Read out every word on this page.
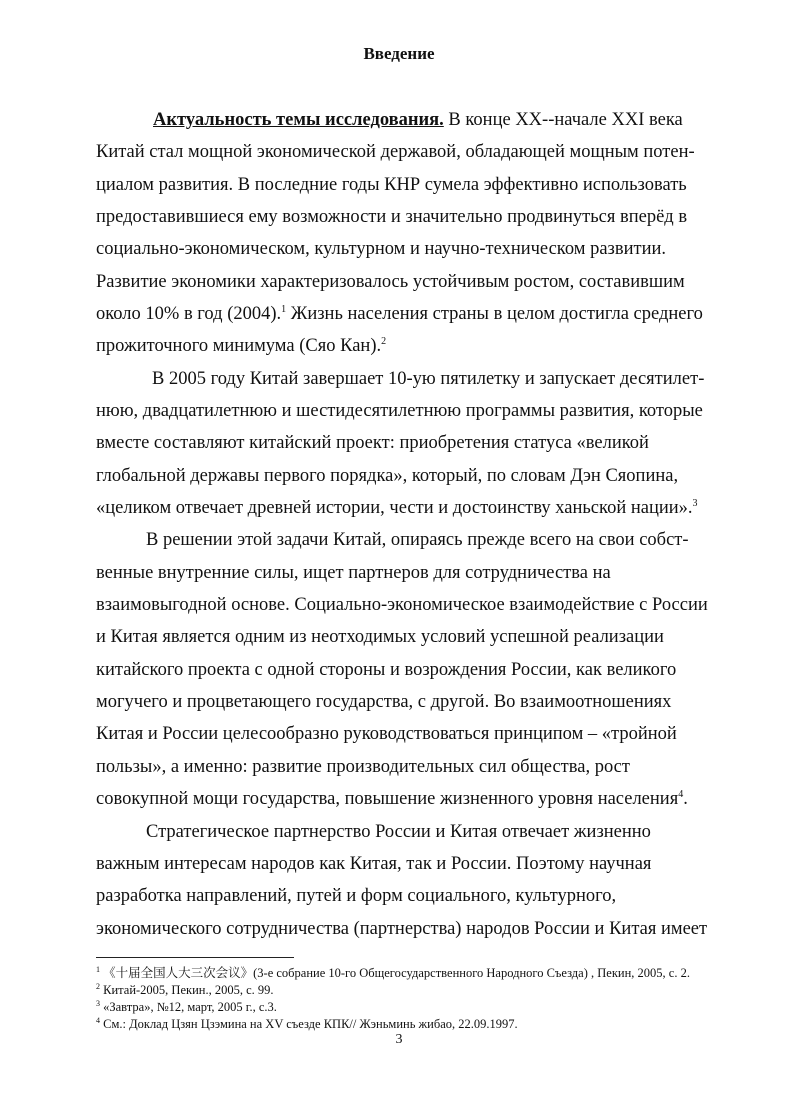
Введение
Актуальность темы исследования. В конце XX--начале XXI века
Китай стал мощной экономической державой, обладающей мощным потен-
циалом развития. В последние годы КНР сумела эффективно использовать
предоставившиеся ему возможности и значительно продвинуться вперёд в
социально-экономическом, культурном и научно-техническом развитии.
Развитие экономики характеризовалось устойчивым ростом, составившим
около 10% в год (2004).$^1$ Жизнь населения страны в целом достигла среднего
прожиточного минимума (Сяо Кан).$^2$
В 2005 году Китай завершает 10-ую пятилетку и запускает десятилет-
нюю, двадцатилетнюю и шестидесятилетнюю программы развития, которые
вместе составляют китайский проект: приобретения статуса «великой
глобальной державы первого порядка», который, по словам Дэн Сяопина,
«целиком отвечает древней истории, чести и достоинству ханьской нации».$^3$
В решении этой задачи Китай, опираясь прежде всего на свои собст-
венные внутренние силы, ищет партнеров для сотрудничества на
взаимовыгодной основе. Социально-экономическое взаимодействие с России
и Китая является одним из неотходимых условий успешной реализации
китайского проекта с одной стороны и возрождения России, как великого
могучего и процветающего государства, с другой. Во взаимоотношениях
Китая и России целесообразно руководствоваться принципом – «тройной
пользы», а именно: развитие производительных сил общества, рост
совокупной мощи государства, повышение жизненного уровня населения$^4$.
Стратегическое партнерство России и Китая отвечает жизненно
важным интересам народов как Китая, так и России. Поэтому научная
разработка направлений, путей и форм социального, культурного,
экономического сотрудничества (партнерства) народов России и Китая имеет
$^1$ 《十届全国人大三次会议》(3-е собрание 10-го Общегосударственного Народного Съезда) , Пекин, 2005, с. 2.
$^2$ Китай-2005, Пекин., 2005, с. 99.
$^3$ «Завтра», №12, март, 2005 г., с.3.
$^4$ См.: Доклад Цзян Цзэмина на XV съезде КПК// Жэньминь жибао, 22.09.1997.
3
